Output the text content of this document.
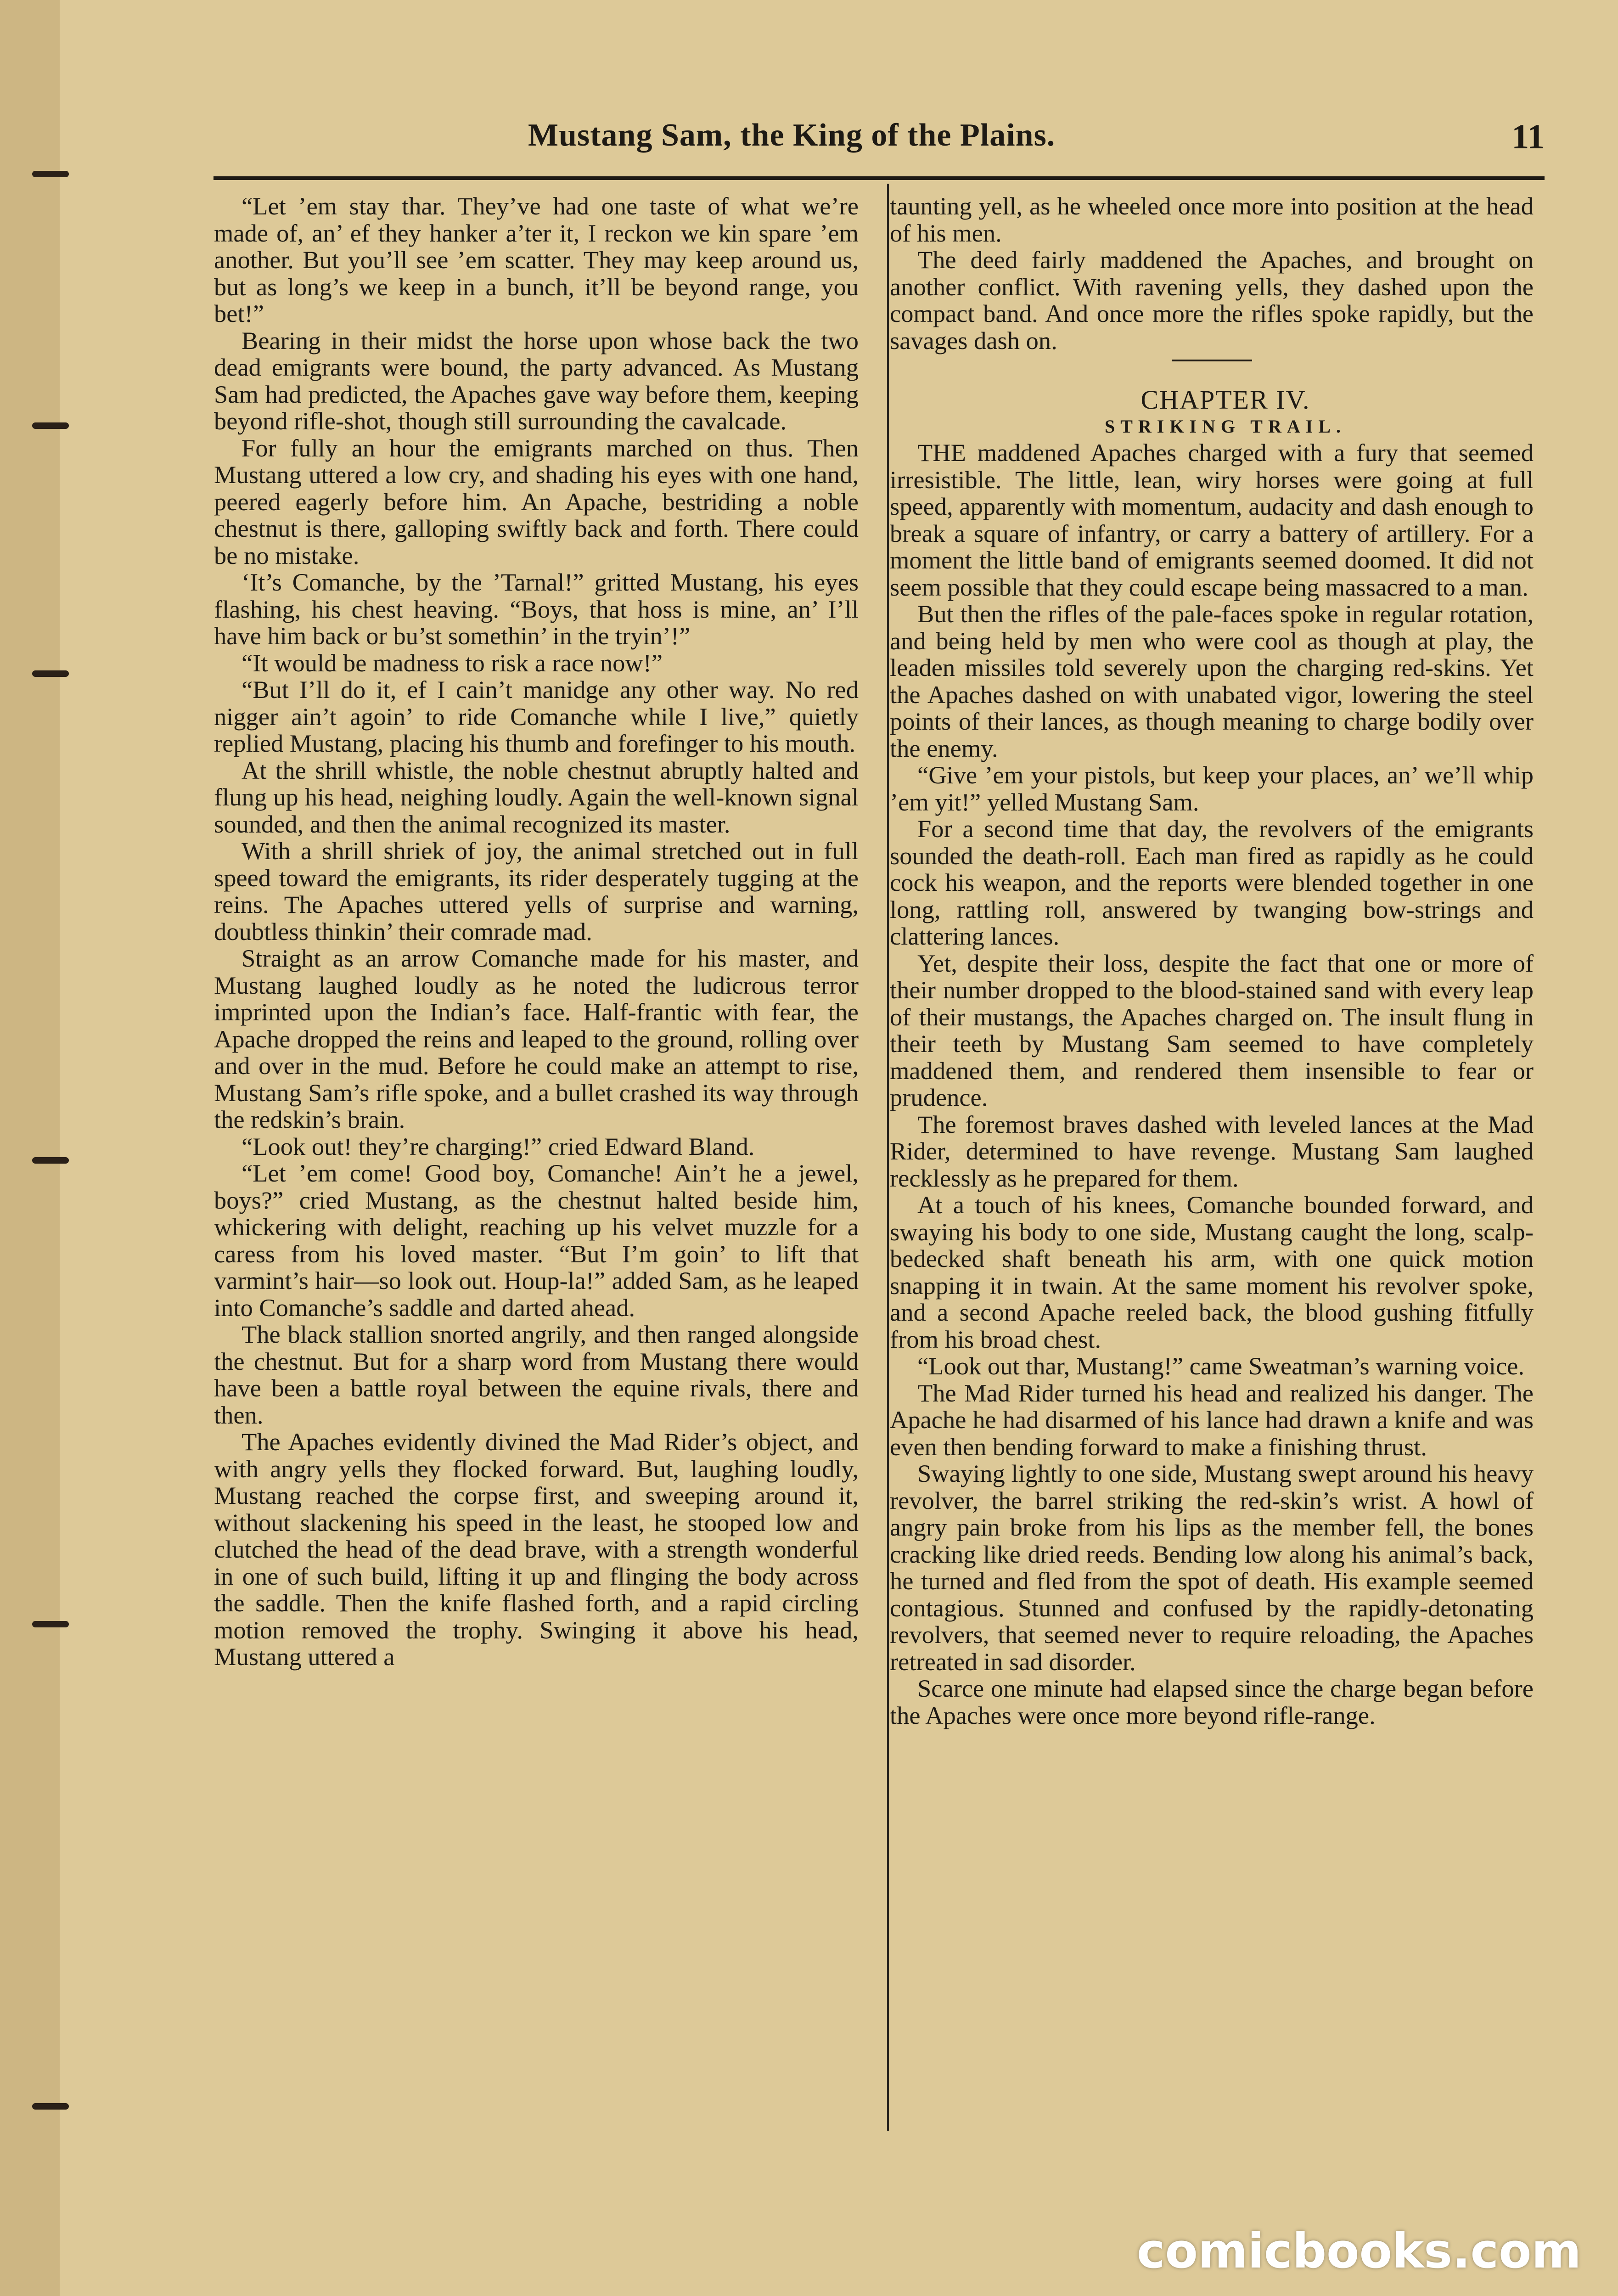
Mustang Sam, the King of the Plains.	11

“Let ’em stay thar. They’ve had one taste of what we’re made of, an’ ef they hanker a’ter it, I reckon we kin spare ’em another. But you’ll see ’em scatter. They may keep around us, but as long’s we keep in a bunch, it’ll be beyond range, you bet!”

Bearing in their midst the horse upon whose back the two dead emigrants were bound, the party advanced. As Mustang Sam had predicted, the Apaches gave way before them, keeping beyond rifle-shot, though still surrounding the cavalcade.

For fully an hour the emigrants marched on thus. Then Mustang uttered a low cry, and shading his eyes with one hand, peered eagerly before him. An Apache, bestriding a noble chestnut is there, galloping swiftly back and forth. There could be no mistake.

‘It’s Comanche, by the ’Tarnal!” gritted Mustang, his eyes flashing, his chest heaving. “Boys, that hoss is mine, an’ I’ll have him back or bu’st somethin’ in the tryin’!”

“It would be madness to risk a race now!”

“But I’ll do it, ef I cain’t manidge any other way. No red nigger ain’t agoin’ to ride Comanche while I live,” quietly replied Mustang, placing his thumb and forefinger to his mouth.

At the shrill whistle, the noble chestnut abruptly halted and flung up his head, neighing loudly. Again the well-known signal sounded, and then the animal recognized its master.

With a shrill shriek of joy, the animal stretched out in full speed toward the emigrants, its rider desperately tugging at the reins. The Apaches uttered yells of surprise and warning, doubtless thinkin’ their comrade mad.

Straight as an arrow Comanche made for his master, and Mustang laughed loudly as he noted the ludicrous terror imprinted upon the Indian’s face. Half-frantic with fear, the Apache dropped the reins and leaped to the ground, rolling over and over in the mud. Before he could make an attempt to rise, Mustang Sam’s rifle spoke, and a bullet crashed its way through the redskin’s brain.

“Look out! they’re charging!” cried Edward Bland.

“Let ’em come! Good boy, Comanche! Ain’t he a jewel, boys?” cried Mustang, as the chestnut halted beside him, whickering with delight, reaching up his velvet muzzle for a caress from his loved master. “But I’m goin’ to lift that varmint’s hair—so look out. Houp-la!” added Sam, as he leaped into Comanche’s saddle and darted ahead.

The black stallion snorted angrily, and then ranged alongside the chestnut. But for a sharp word from Mustang there would have been a battle royal between the equine rivals, there and then.

The Apaches evidently divined the Mad Rider’s object, and with angry yells they flocked forward. But, laughing loudly, Mustang reached the corpse first, and sweeping around it, without slackening his speed in the least, he stooped low and clutched the head of the dead brave, with a strength wonderful in one of such build, lifting it up and flinging the body across the saddle. Then the knife flashed forth, and a rapid circling motion removed the trophy. Swinging it above his head, Mustang uttered a

taunting yell, as he wheeled once more into position at the head of his men.

The deed fairly maddened the Apaches, and brought on another conflict. With ravening yells, they dashed upon the compact band. And once more the rifles spoke rapidly, but the savages dash on.

CHAPTER IV.

STRIKING TRAIL.

THE maddened Apaches charged with a fury that seemed irresistible. The little, lean, wiry horses were going at full speed, apparently with momentum, audacity and dash enough to break a square of infantry, or carry a battery of artillery. For a moment the little band of emigrants seemed doomed. It did not seem possible that they could escape being massacred to a man.

But then the rifles of the pale-faces spoke in regular rotation, and being held by men who were cool as though at play, the leaden missiles told severely upon the charging red-skins. Yet the Apaches dashed on with unabated vigor, lowering the steel points of their lances, as though meaning to charge bodily over the enemy.

“Give ’em your pistols, but keep your places, an’ we’ll whip ’em yit!” yelled Mustang Sam.

For a second time that day, the revolvers of the emigrants sounded the death-roll. Each man fired as rapidly as he could cock his weapon, and the reports were blended together in one long, rattling roll, answered by twanging bow-strings and clattering lances.

Yet, despite their loss, despite the fact that one or more of their number dropped to the blood-stained sand with every leap of their mustangs, the Apaches charged on. The insult flung in their teeth by Mustang Sam seemed to have completely maddened them, and rendered them insensible to fear or prudence.

The foremost braves dashed with leveled lances at the Mad Rider, determined to have revenge. Mustang Sam laughed recklessly as he prepared for them.

At a touch of his knees, Comanche bounded forward, and swaying his body to one side, Mustang caught the long, scalp-bedecked shaft beneath his arm, with one quick motion snapping it in twain. At the same moment his revolver spoke, and a second Apache reeled back, the blood gushing fitfully from his broad chest.

“Look out thar, Mustang!” came Sweatman’s warning voice.

The Mad Rider turned his head and realized his danger. The Apache he had disarmed of his lance had drawn a knife and was even then bending forward to make a finishing thrust.

Swaying lightly to one side, Mustang swept around his heavy revolver, the barrel striking the red-skin’s wrist. A howl of angry pain broke from his lips as the member fell, the bones cracking like dried reeds. Bending low along his animal’s back, he turned and fled from the spot of death. His example seemed contagious. Stunned and confused by the rapidly-detonating revolvers, that seemed never to require reloading, the Apaches retreated in sad disorder.

Scarce one minute had elapsed since the charge began before the Apaches were once more beyond rifle-range.

comicbooks.com
